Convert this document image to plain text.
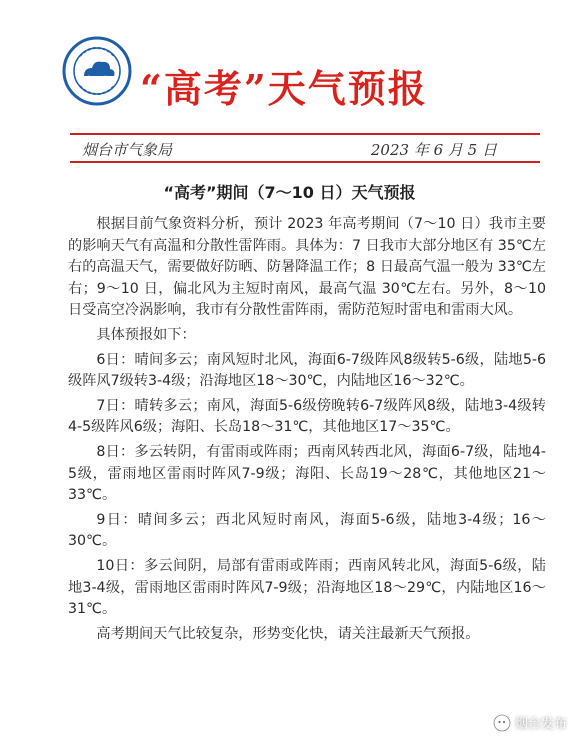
“高考”天气预报
烟台市气象局	2023 年 6 月 5 日
“高考”期间（7～10 日）天气预报

根据目前气象资料分析，预计 2023 年高考期间（7～10 日）我市主要的影响天气有高温和分散性雷阵雨。具体为：7 日我市大部分地区有 35℃左右的高温天气，需要做好防晒、防暑降温工作；8 日最高气温一般为 33℃左右；9～10 日，偏北风为主短时南风，最高气温 30℃左右。另外，8～10 日受高空冷涡影响，我市有分散性雷阵雨，需防范短时雷电和雷雨大风。

具体预报如下：

6日：晴间多云；南风短时北风，海面6-7级阵风8级转5-6级，陆地5-6级阵风7级转3-4级；沿海地区18～30℃，内陆地区16～32℃。

7日：晴转多云；南风，海面5-6级傍晚转6-7级阵风8级，陆地3-4级转4-5级阵风6级；海阳、长岛18～31℃，其他地区17～35℃。

8日：多云转阴，有雷雨或阵雨；西南风转西北风，海面6-7级，陆地4-5级，雷雨地区雷雨时阵风7-9级；海阳、长岛19～28℃，其他地区21～33℃。

9日：晴间多云；西北风短时南风，海面5-6级，陆地3-4级；16～30℃。

10日：多云间阴，局部有雷雨或阵雨；西南风转北风，海面5-6级，陆地3-4级，雷雨地区雷雨时阵风7-9级；沿海地区18～29℃，内陆地区16～31℃。

高考期间天气比较复杂，形势变化快，请关注最新天气预报。

烟台发布
